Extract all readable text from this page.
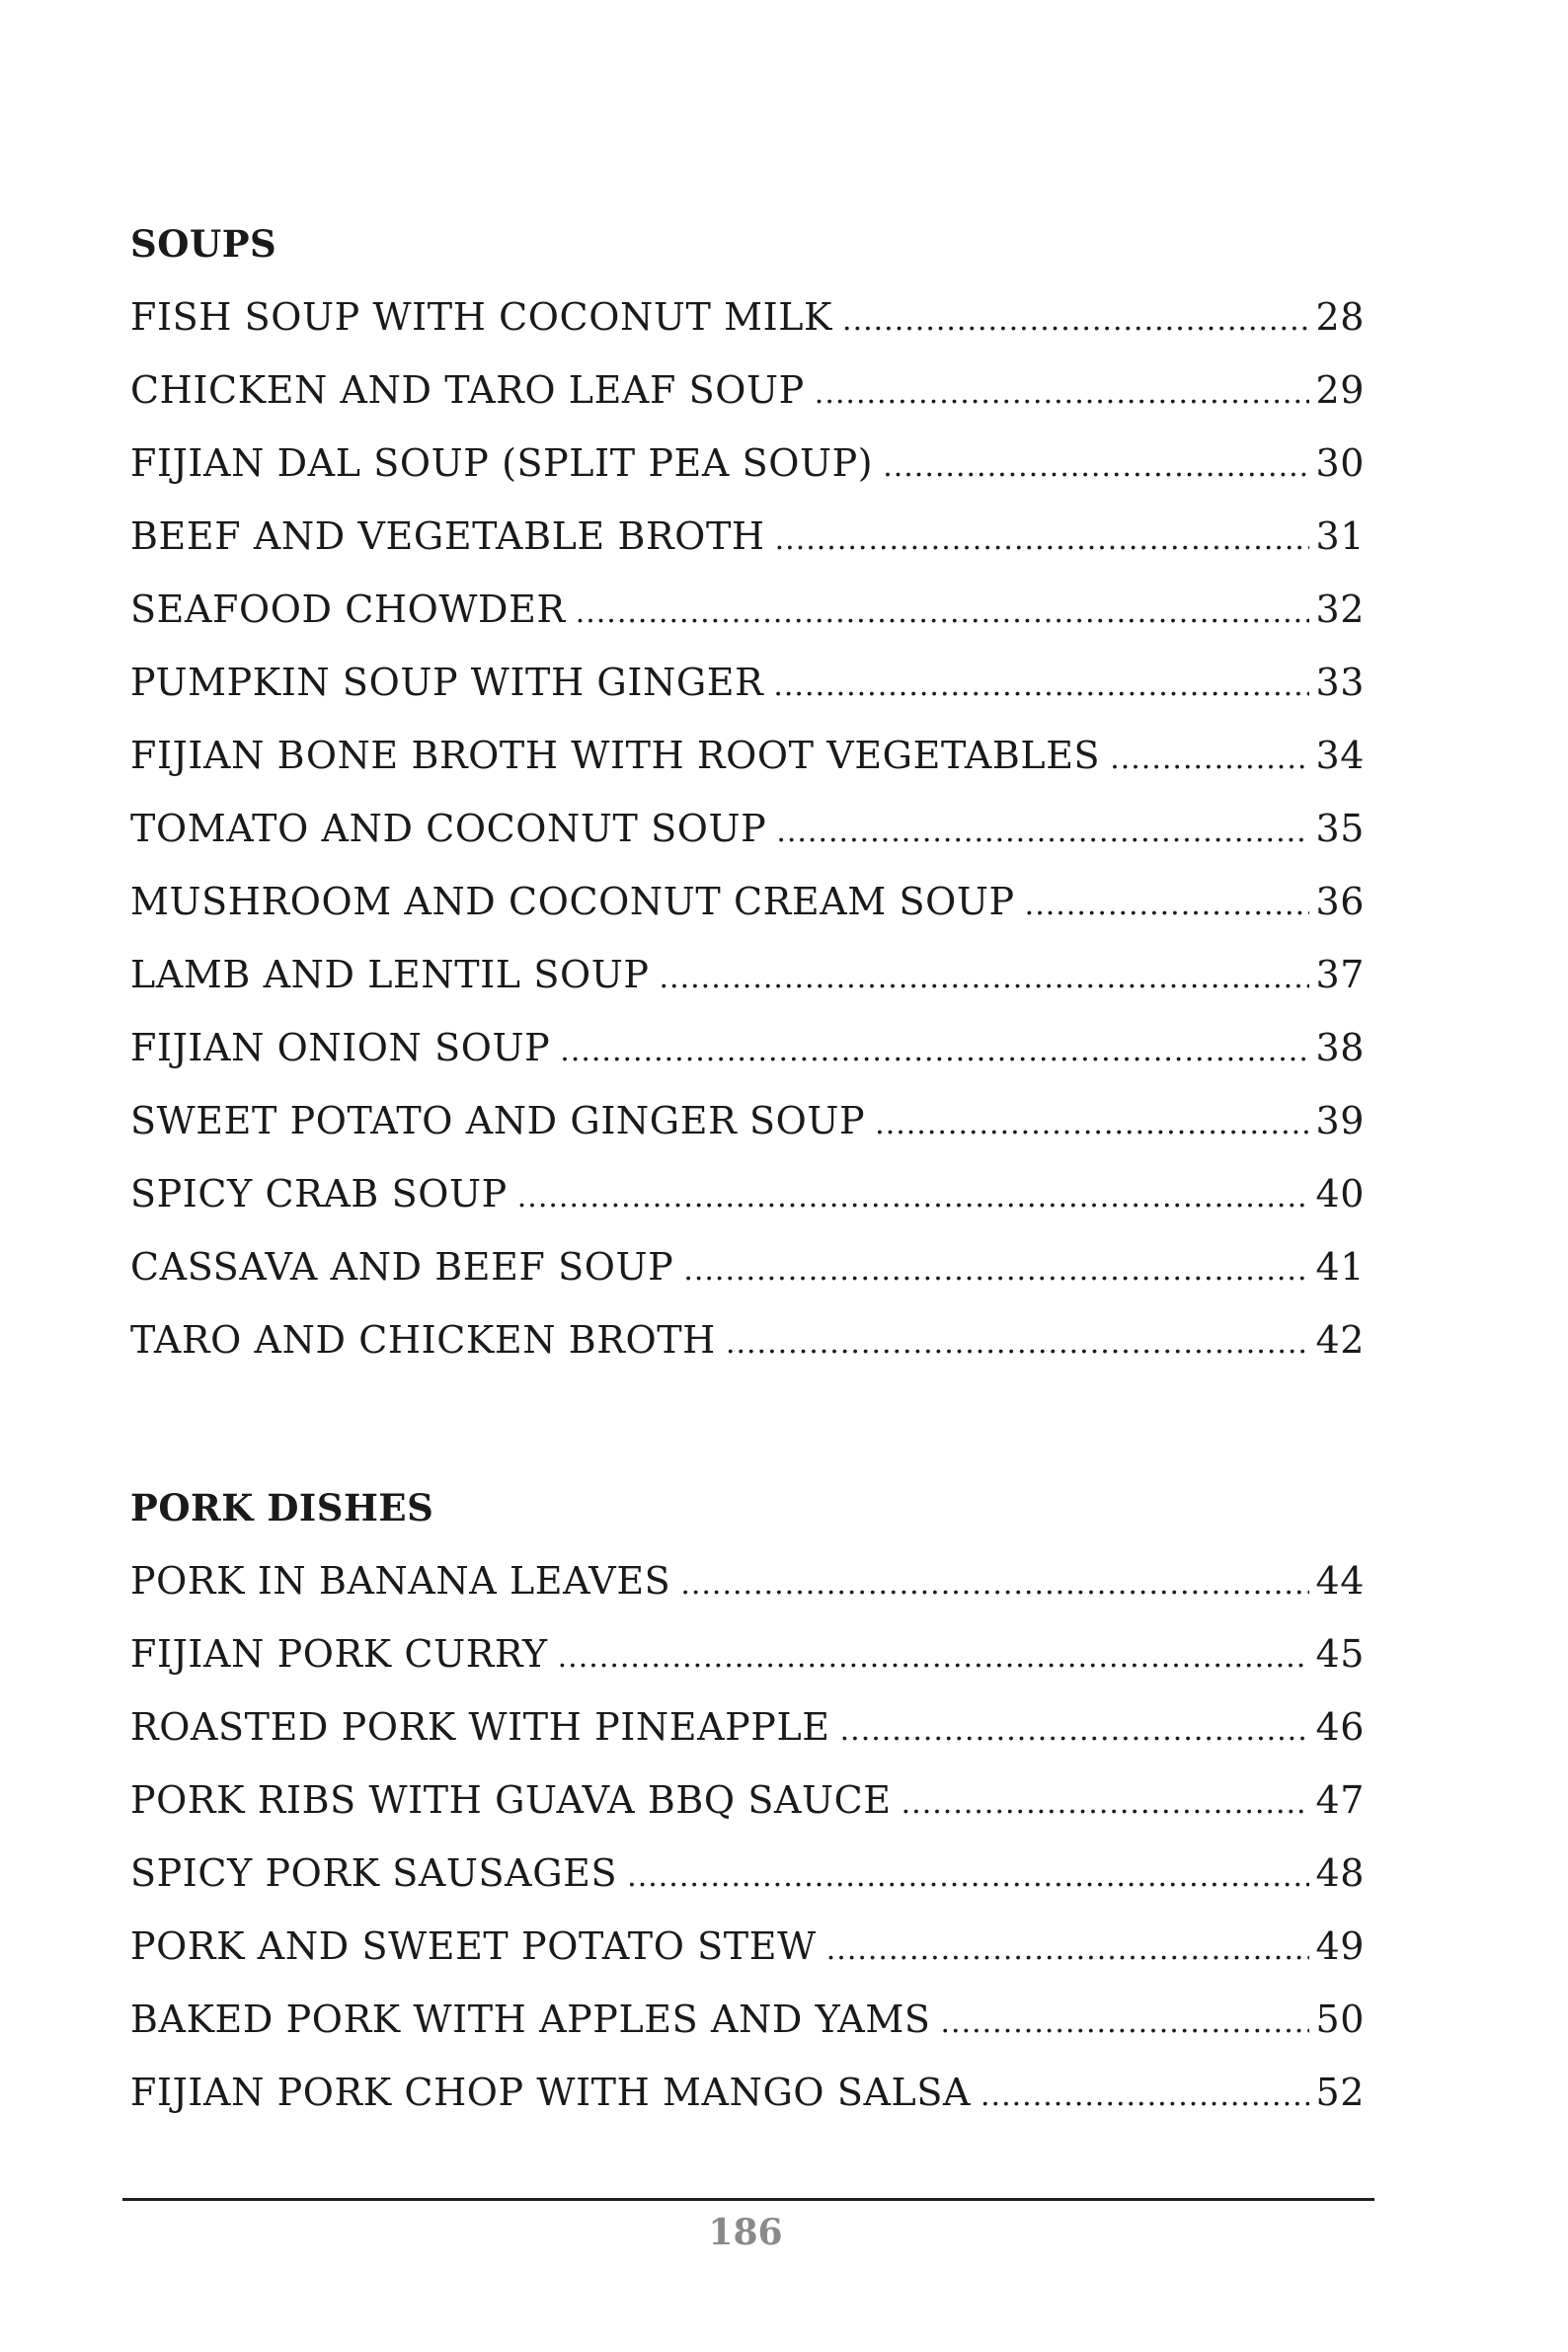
SOUPS
FISH SOUP WITH COCONUT MILK .....	28
CHICKEN AND TARO LEAF SOUP .....	29
FIJIAN DAL SOUP (SPLIT PEA SOUP) .....	30
BEEF AND VEGETABLE BROTH .....	31
SEAFOOD CHOWDER .....	32
PUMPKIN SOUP WITH GINGER .....	33
FIJIAN BONE BROTH WITH ROOT VEGETABLES .....	34
TOMATO AND COCONUT SOUP .....	35
MUSHROOM AND COCONUT CREAM SOUP .....	36
LAMB AND LENTIL SOUP .....	37
FIJIAN ONION SOUP .....	38
SWEET POTATO AND GINGER SOUP .....	39
SPICY CRAB SOUP .....	40
CASSAVA AND BEEF SOUP .....	41
TARO AND CHICKEN BROTH .....	42
PORK DISHES
PORK IN BANANA LEAVES .....	44
FIJIAN PORK CURRY .....	45
ROASTED PORK WITH PINEAPPLE .....	46
PORK RIBS WITH GUAVA BBQ SAUCE .....	47
SPICY PORK SAUSAGES .....	48
PORK AND SWEET POTATO STEW .....	49
BAKED PORK WITH APPLES AND YAMS .....	50
FIJIAN PORK CHOP WITH MANGO SALSA .....	52
186
